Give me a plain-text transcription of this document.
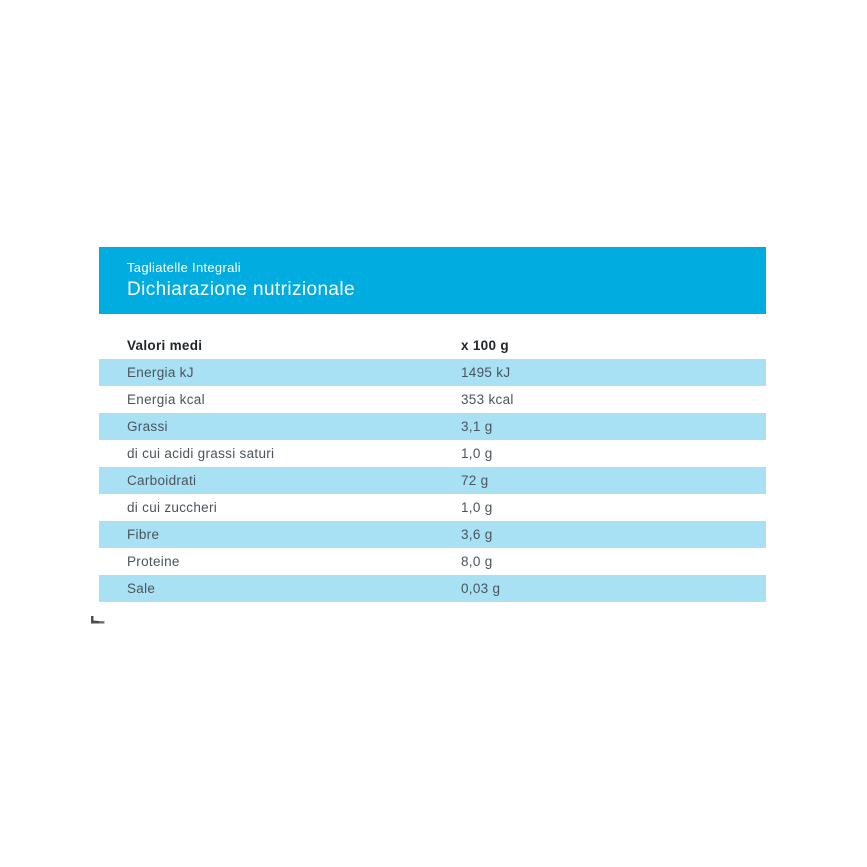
Tagliatelle Integrali
Dichiarazione nutrizionale
Valori medi	x 100 g
Energia kJ	1495 kJ
Energia kcal	353 kcal
Grassi	3,1 g
di cui acidi grassi saturi	1,0 g
Carboidrati	72 g
di cui zuccheri	1,0 g
Fibre	3,6 g
Proteine	8,0 g
Sale	0,03 g
